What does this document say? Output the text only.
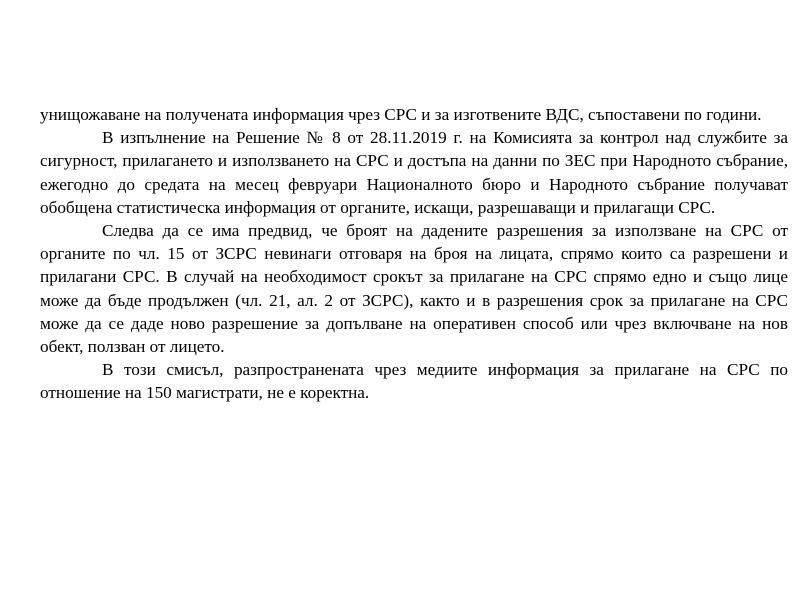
унищожаване на получената информация чрез СРС и за изготвените ВДС, съпоставени по години.

В изпълнение на Решение № 8 от 28.11.2019 г. на Комисията за контрол над службите за сигурност, прилагането и използването на СРС и достъпа на данни по ЗЕС при Народното събрание, ежегодно до средата на месец февруари Националното бюро и Народното събрание получават обобщена статистическа информация от органите, искащи, разрешаващи и прилагащи СРС.

Следва да се има предвид, че броят на дадените разрешения за използване на СРС от органите по чл. 15 от ЗСРС невинаги отговаря на броя на лицата, спрямо които са разрешени и прилагани СРС. В случай на необходимост срокът за прилагане на СРС спрямо едно и също лице може да бъде продължен (чл. 21, ал. 2 от ЗСРС), както и в разрешения срок за прилагане на СРС може да се даде ново разрешение за допълване на оперативен способ или чрез включване на нов обект, ползван от лицето.

В този смисъл, разпространената чрез медиите информация за прилагане на СРС по отношение на 150 магистрати, не е коректна.
